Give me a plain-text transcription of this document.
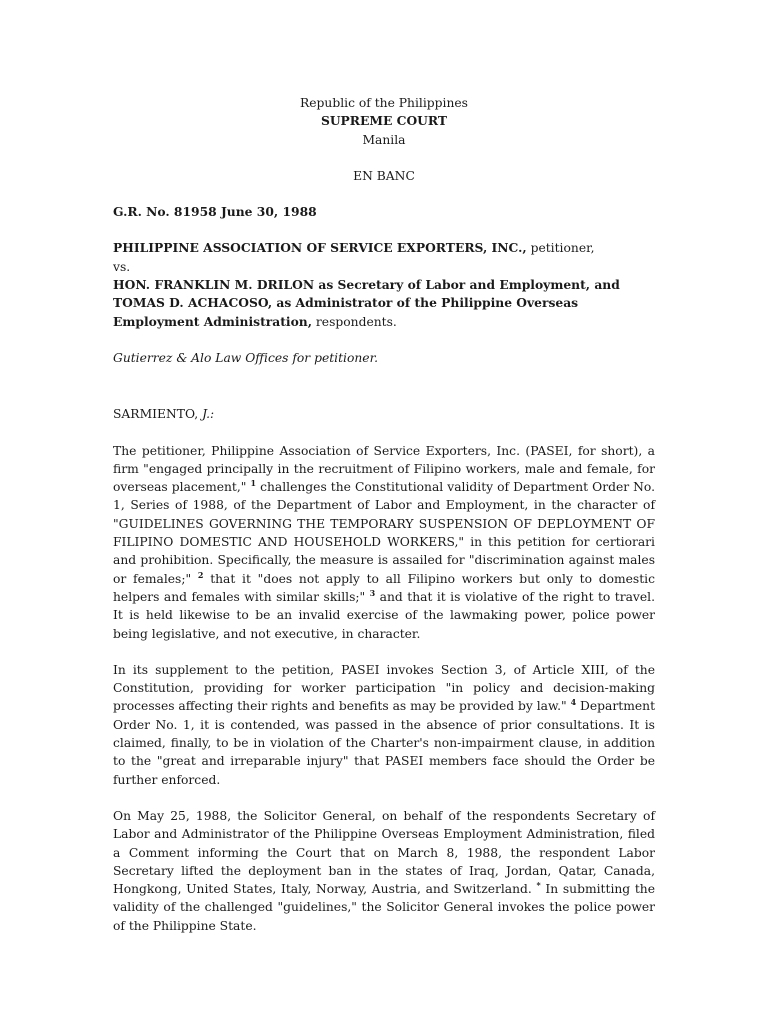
Republic of the Philippines
SUPREME COURT
Manila
EN BANC

G.R. No. 81958 June 30, 1988

PHILIPPINE ASSOCIATION OF SERVICE EXPORTERS, INC., petitioner,

vs.

HON. FRANKLIN M. DRILON as Secretary of Labor and Employment, and TOMAS D. ACHACOSO, as Administrator of the Philippine Overseas Employment Administration, respondents.

Gutierrez & Alo Law Offices for petitioner.

SARMIENTO, J.:

The petitioner, Philippine Association of Service Exporters, Inc. (PASEI, for short), a firm "engaged principally in the recruitment of Filipino workers, male and female, for overseas placement," $^1$ challenges the Constitutional validity of Department Order No. 1, Series of 1988, of the Department of Labor and Employment, in the character of "GUIDELINES GOVERNING THE TEMPORARY SUSPENSION OF DEPLOYMENT OF FILIPINO DOMESTIC AND HOUSEHOLD WORKERS," in this petition for certiorari and prohibition. Specifically, the measure is assailed for "discrimination against males or females;" $^2$ that it "does not apply to all Filipino workers but only to domestic helpers and females with similar skills;" $^3$ and that it is violative of the right to travel. It is held likewise to be an invalid exercise of the lawmaking power, police power being legislative, and not executive, in character.

In its supplement to the petition, PASEI invokes Section 3, of Article XIII, of the Constitution, providing for worker participation "in policy and decision-making processes affecting their rights and benefits as may be provided by law." $^4$ Department Order No. 1, it is contended, was passed in the absence of prior consultations. It is claimed, finally, to be in violation of the Charter's non-impairment clause, in addition to the "great and irreparable injury" that PASEI members face should the Order be further enforced.

On May 25, 1988, the Solicitor General, on behalf of the respondents Secretary of Labor and Administrator of the Philippine Overseas Employment Administration, filed a Comment informing the Court that on March 8, 1988, the respondent Labor Secretary lifted the deployment ban in the states of Iraq, Jordan, Qatar, Canada, Hongkong, United States, Italy, Norway, Austria, and Switzerland. * In submitting the validity of the challenged "guidelines," the Solicitor General invokes the police power of the Philippine State.
